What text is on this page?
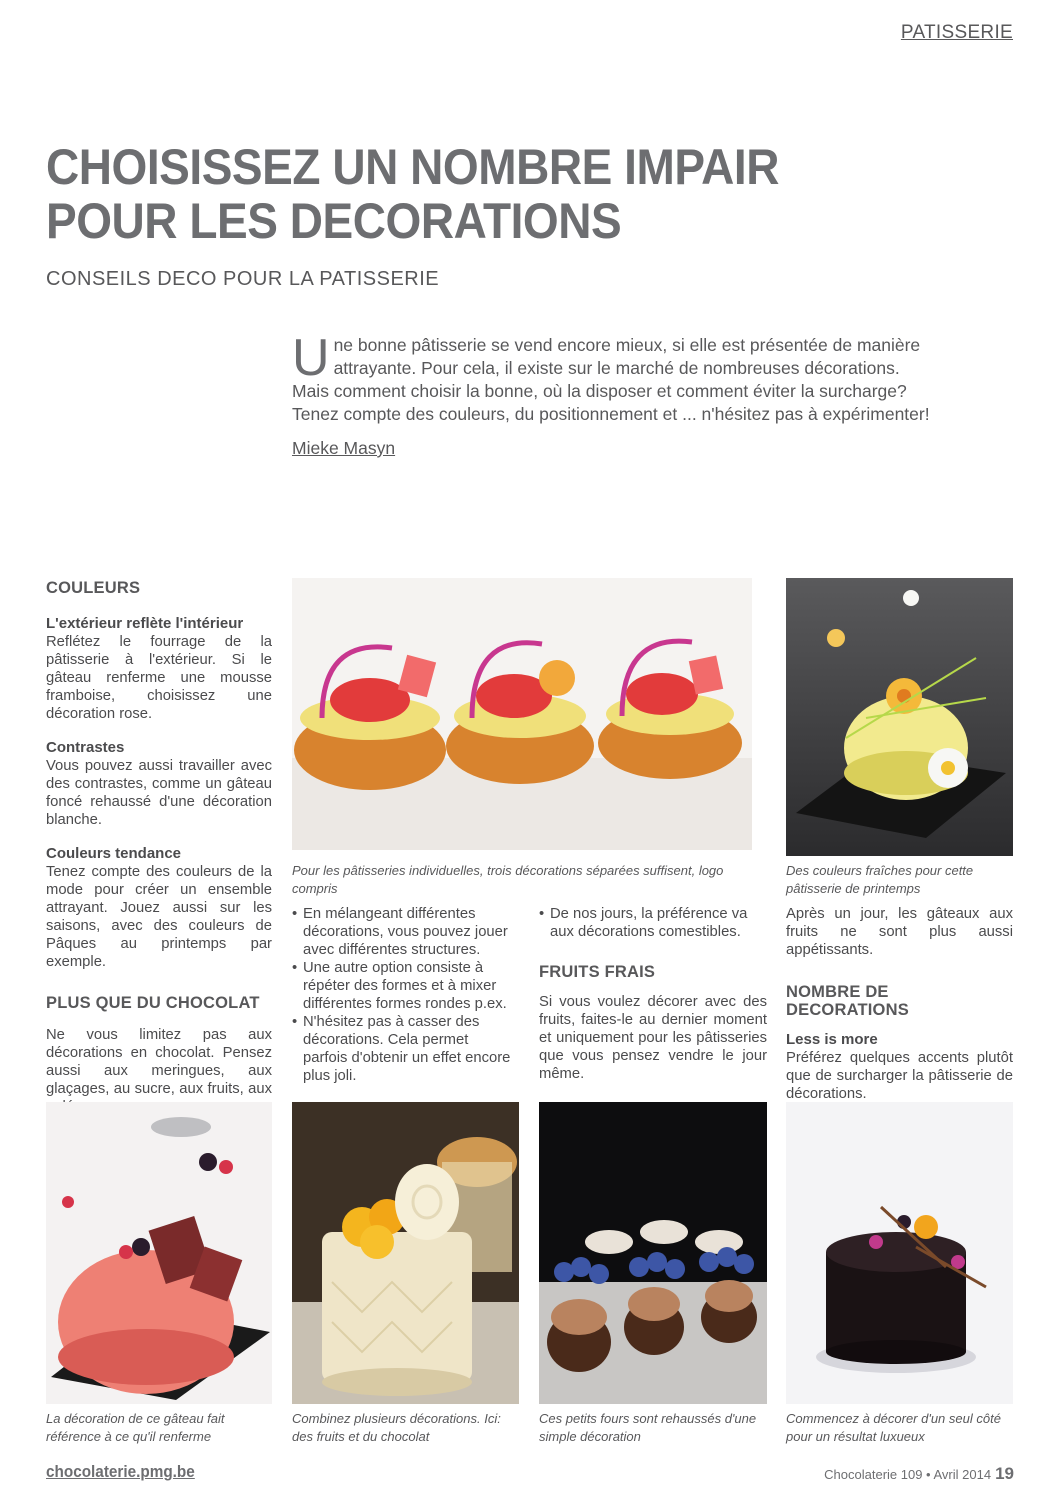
PATISSERIE
CHOISISSEZ UN NOMBRE IMPAIR
POUR LES DECORATIONS
CONSEILS DECO POUR LA PATISSERIE
Une bonne pâtisserie se vend encore mieux, si elle est présentée de manière attrayante. Pour cela, il existe sur le marché de nombreuses décorations. Mais comment choisir la bonne, où la disposer et comment éviter la surcharge? Tenez compte des couleurs, du positionnement et ... n'hésitez pas à expérimenter!
Mieke Masyn
COULEURS
L'extérieur reflète l'intérieur

Reflétez le fourrage de la pâtisserie à l'extérieur. Si le gâteau renferme une mousse framboise, choisissez une décoration rose.

Contrastes

Vous pouvez aussi travailler avec des contrastes, comme un gâteau foncé rehaussé d'une décoration blanche.

Couleurs tendance

Tenez compte des couleurs de la mode pour créer un ensemble attrayant. Jouez aussi sur les saisons, avec des couleurs de Pâques au printemps par exemple.

PLUS QUE DU CHOCOLAT

Ne vous limitez pas aux décorations en chocolat. Pensez aussi aux meringues, aux glaçages, au sucre, aux fruits, aux

Pour les pâtisseries individuelles, trois décorations séparées suffisent, logo compris
Des couleurs fraîches pour cette pâtisserie de printemps
• En mélangeant différentes décorations, vous pouvez jouer avec différentes structures.
• Une autre option consiste à répéter des formes et à mixer différentes formes rondes p.ex.
• N'hésitez pas à casser des décorations. Cela permet parfois d'obtenir un effet encore plus joli.
• De nos jours, la préférence va aux décorations comestibles.
FRUITS FRAIS

Si vous voulez décorer avec des fruits, faites-le au dernier moment et uniquement pour les pâtisseries que vous pensez vendre le jour même.

Après un jour, les gâteaux aux fruits ne sont plus aussi appétissants.

NOMBRE DE DECORATIONS
Less is more

Préférez quelques accents plutôt que de surcharger la pâtisserie de décorations.

La décoration de ce gâteau fait référence à ce qu'il renferme
Combinez plusieurs décorations. Ici: des fruits et du chocolat
Ces petits fours sont rehaussés d'une simple décoration
Commencez à décorer d'un seul côté pour un résultat luxueux
chocolaterie.pmg.be	Chocolaterie 109 • Avril 2014 19
